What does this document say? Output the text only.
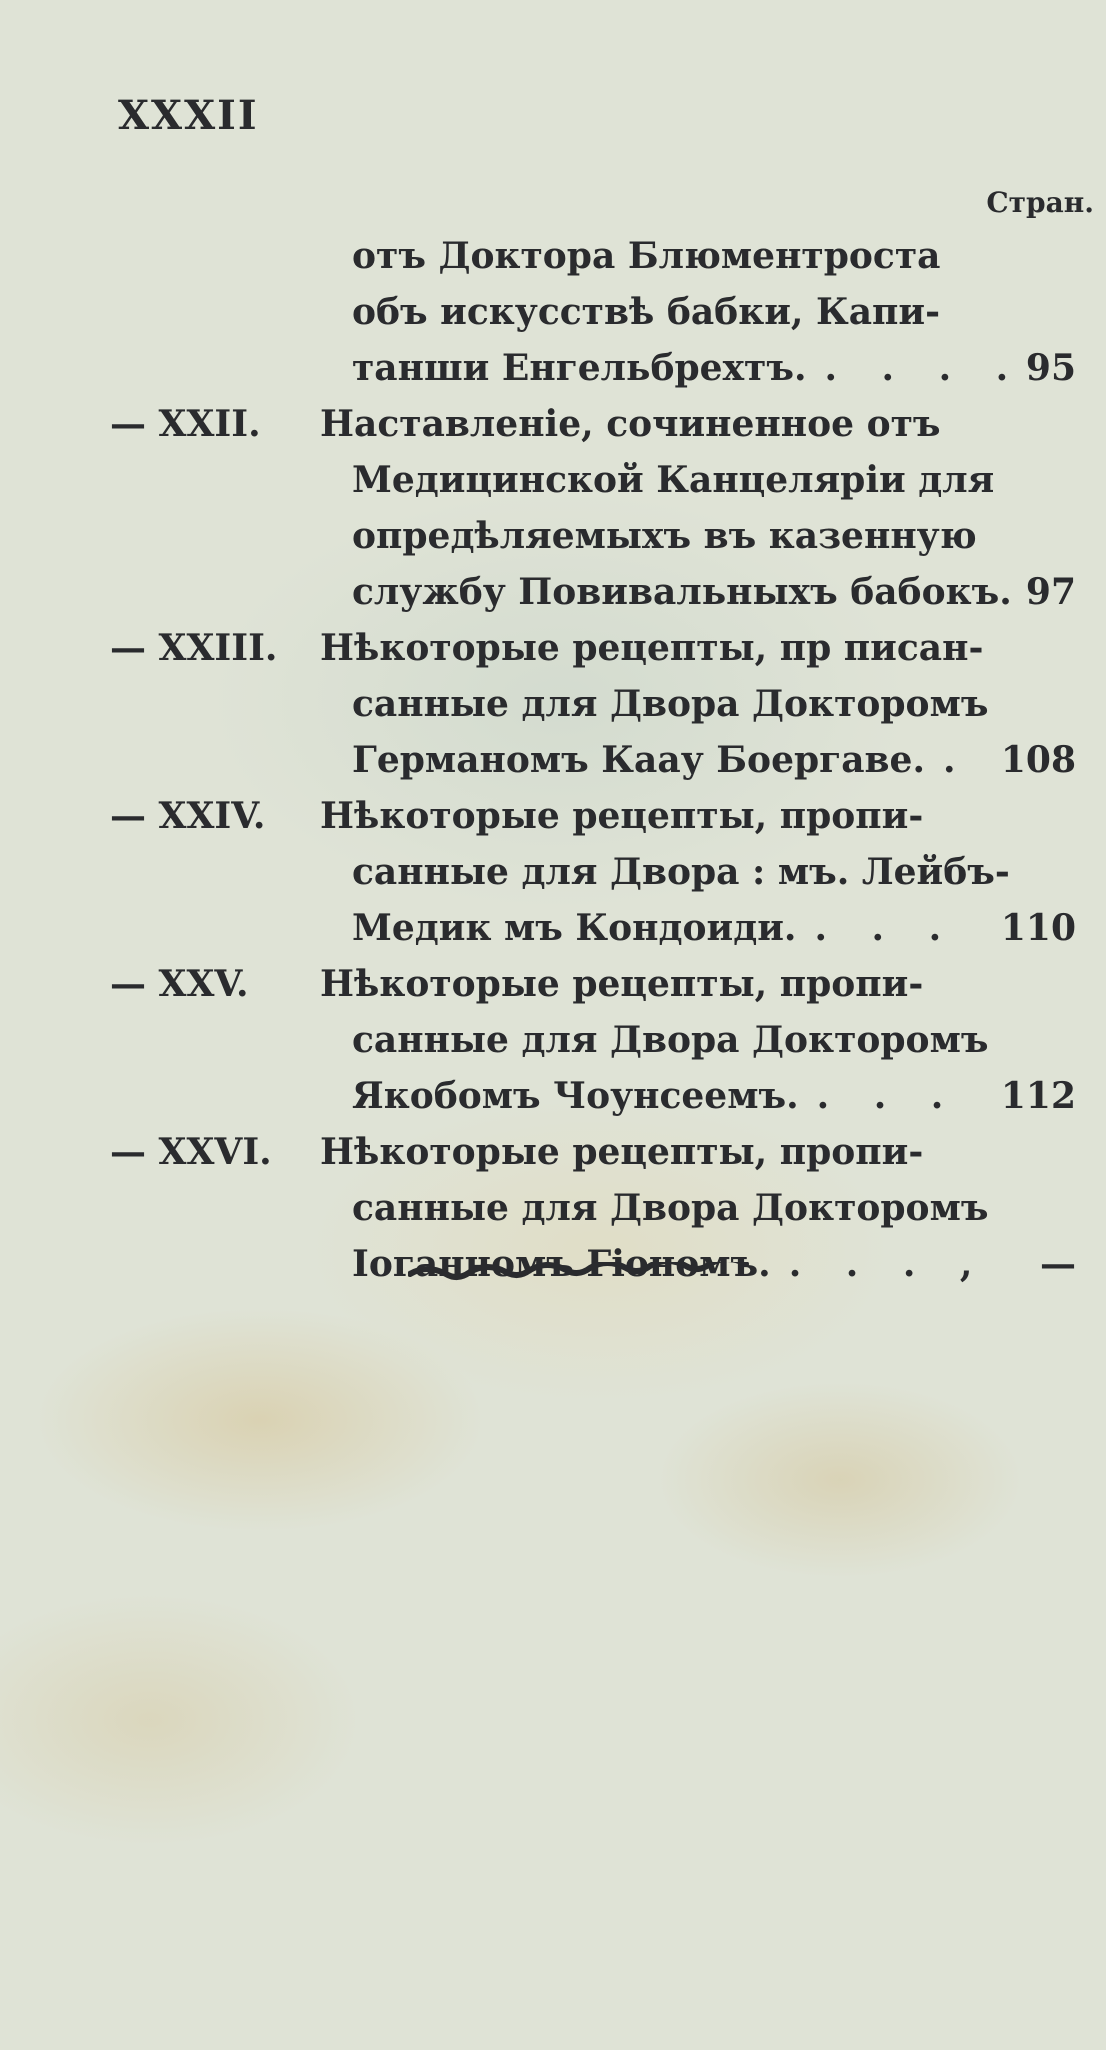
XXXII
Стран.
отъ Доктора Блюментроста
объ искусствѣ бабки, Капи-
танши Енгельбрехтъ. . . . . 95
— XXII. Наставленіе, сочиненное отъ
Медицинской Канцеляріи для
опредѣляемыхъ въ казенную
службу Повивальныхъ бабокъ. 97
— XXIII. Нѣкоторые рецепты, пр писан-
сaнные для Двора Докторомъ
Германомъ Каау Боергаве. . 108
— XXIV. Нѣкоторые рецепты, пропи-
санные для Двора : мъ. Лейбъ-
Медик мъ Кондоиди. . . . 110
— XXV. Нѣкоторые рецепты, пропи-
санные для Двора Докторомъ
Якобомъ Чоунсеемъ. . . . 112
— XXVI. Нѣкоторые рецепты, пропи-
санные для Двора Докторомъ
Іоганномъ Гіономъ. . . . , —
